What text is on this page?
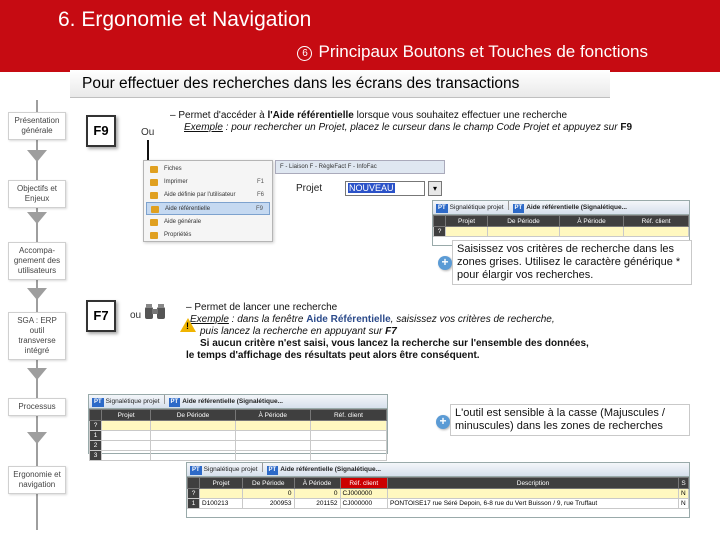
6. Ergonomie et Navigation
6 Principaux Boutons et Touches de fonctions
Pour effectuer des recherches dans les écrans des transactions
Présentation générale
Objectifs et Enjeux
Accompa-gnement des utilisateurs
SGA : ERP outil transverse intégré
Processus
Ergonomie et navigation
F9	Ou
– Permet d'accéder à l'Aide référentielle lorsque vous souhaitez effectuer une recherche
Exemple : pour rechercher un Projet, placez le curseur dans le champ Code Projet et appuyez sur F9
Fiches
Imprimer	F1
Aide définie par l'utilisateur	F6
Aide référentielle	F9
Aide générale
Propriétés
F - Liaison F - RègleFact F - InfoFac
Projet	NOUVEAU	▾
PT Signalétique projet PT Aide référentielle (Signalétique...
	Projet	De Période	À Période	Réf. client
?				
+
Saisissez vos critères de recherche dans les zones grises. Utilisez le caractère générique * pour élargir vos recherches.
F7	ou
– Permet de lancer une recherche
Exemple : dans la fenêtre Aide Référentielle, saisissez vos critères de recherche,
puis lancez la recherche en appuyant sur F7
Si aucun critère n'est saisi, vous lancez la recherche sur l'ensemble des données,
le temps d'affichage des résultats peut alors être conséquent.
!
PT Signalétique projet PT Aide référentielle (Signalétique...
	Projet	De Période	À Période	Réf. client
?				
1				
2				
3				
+
L'outil est sensible à la casse (Majuscules / minuscules) dans les zones de recherches
PT Signalétique projet PT Aide référentielle (Signalétique...
	Projet	De Période	À Période	Réf. client	Description	S
?		0	0	CJ000000		N
1	D100213	200953	201152	CJ000000	PONTOISE17 rue Séré Depoin, 6-8 rue du Vert Buisson / 9, rue Truffaut	N
